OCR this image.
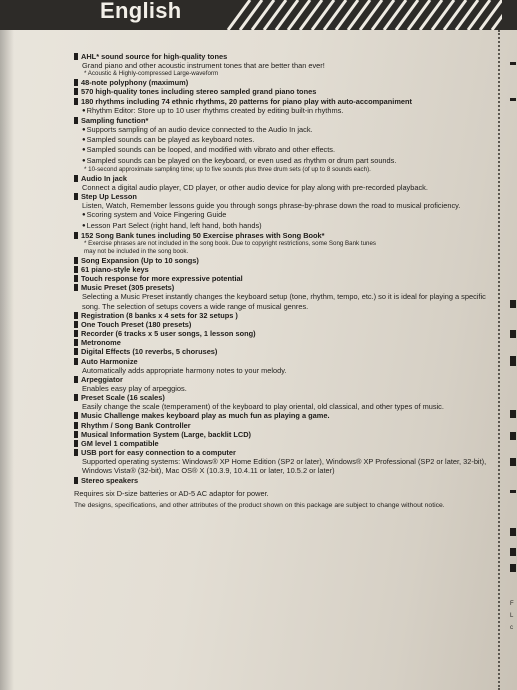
English
F
L
c
AHL* sound source for high-quality tones
Grand piano and other acoustic instrument tones that are better than ever!
* Acoustic & Highly-compressed Large-waveform
48-note polyphony (maximum)
570 high-quality tones including stereo sampled grand piano tones
180 rhythms including 74 ethnic rhythms, 20 patterns for piano play with auto-accompaniment
● Rhythm Editor: Store up to 10 user rhythms created by editing built-in rhythms.
Sampling function*
● Supports sampling of an audio device connected to the Audio In jack.
● Sampled sounds can be played as keyboard notes.
● Sampled sounds can be looped, and modified with vibrato and other effects.
● Sampled sounds can be played on the keyboard, or even used as rhythm or drum part sounds.
* 10-second approximate sampling time; up to five sounds plus three drum sets (of up to 8 sounds each).
Audio In jack
Connect a digital audio player, CD player, or other audio device for play along with pre-recorded playback.
Step Up Lesson
Listen, Watch, Remember lessons guide you through songs phrase-by-phrase down the road to musical proficiency.
● Scoring system and Voice Fingering Guide
● Lesson Part Select (right hand, left hand, both hands)
152 Song Bank tunes including 50 Exercise phrases with Song Book*
* Exercise phrases are not included in the song book. Due to copyright restrictions, some Song Bank tunes
may not be included in the song book.
Song Expansion (Up to 10 songs)
61 piano-style keys
Touch response for more expressive potential
Music Preset (305 presets)
Selecting a Music Preset instantly changes the keyboard setup (tone, rhythm, tempo, etc.) so it is ideal for playing a specific song. The selection of setups covers a wide range of musical genres.
Registration (8 banks x 4 sets for 32 setups )
One Touch Preset (180 presets)
Recorder (6 tracks x 5 user songs, 1 lesson song)
Metronome
Digital Effects (10 reverbs, 5 choruses)
Auto Harmonize
Automatically adds appropriate harmony notes to your melody.
Arpeggiator
Enables easy play of arpeggios.
Preset Scale (16 scales)
Easily change the scale (temperament) of the keyboard to play oriental, old classical, and other types of music.
Music Challenge makes keyboard play as much fun as playing a game.
Rhythm / Song Bank Controller
Musical Information System (Large, backlit LCD)
GM level 1 compatible
USB port for easy connection to a computer
Supported operating systems: Windows® XP Home Edition (SP2 or later), Windows® XP Professional (SP2 or later, 32-bit), Windows Vista® (32-bit), Mac OS® X (10.3.9, 10.4.11 or later, 10.5.2 or later)
Stereo speakers
Requires six D-size batteries or AD-5 AC adaptor for power.
The designs, specifications, and other attributes of the product shown on this package are subject to change without notice.
